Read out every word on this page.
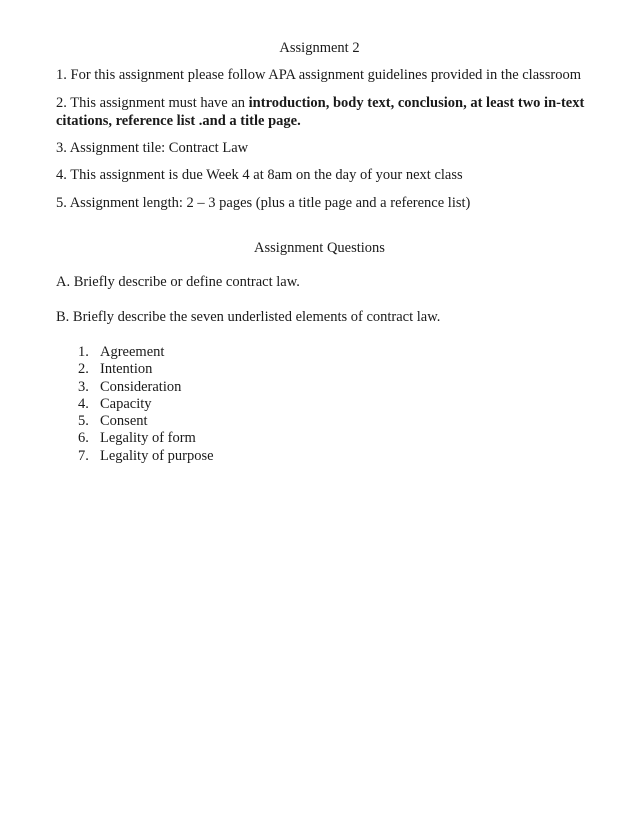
Assignment 2
1. For this assignment please follow APA assignment guidelines provided in the classroom
2. This assignment must have an introduction, body text, conclusion, at least two in-text
citations, reference list .and a title page.
3. Assignment tile: Contract Law
4. This assignment is due Week 4 at 8am on the day of your next class
5. Assignment length: 2 – 3 pages (plus a title page and a reference list)
Assignment Questions
A. Briefly describe or define contract law.
B. Briefly describe the seven underlisted elements of contract law.
1. Agreement
2. Intention
3. Consideration
4. Capacity
5. Consent
6. Legality of form
7. Legality of purpose
